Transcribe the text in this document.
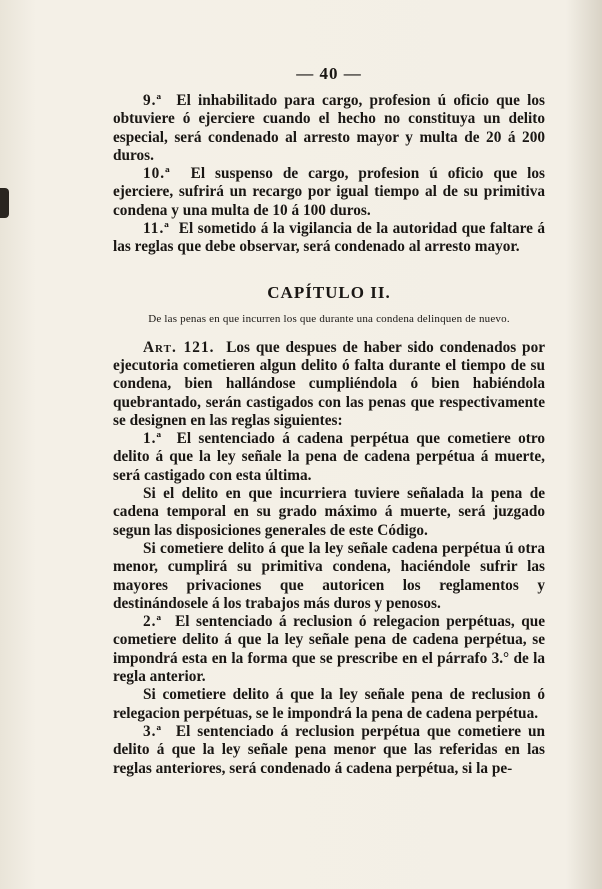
— 40 —

9.ª El inhabilitado para cargo, profesion ú oficio que los obtuviere ó ejerciere cuando el hecho no constituya un delito especial, será condenado al arresto mayor y multa de 20 á 200 duros.

10.ª El suspenso de cargo, profesion ú oficio que los ejerciere, sufrirá un recargo por igual tiempo al de su primitiva condena y una multa de 10 á 100 duros.

11.ª El sometido á la vigilancia de la autoridad que faltare á las reglas que debe observar, será condenado al arresto mayor.

CAPÍTULO II.
De las penas en que incurren los que durante una condena delinquen de nuevo.

Art. 121. Los que despues de haber sido condenados por ejecutoria cometieren algun delito ó falta durante el tiempo de su condena, bien hallándose cumpliéndola ó bien habiéndola quebrantado, serán castigados con las penas que respectivamente se designen en las reglas siguientes:

1.ª El sentenciado á cadena perpétua que cometiere otro delito á que la ley señale la pena de cadena perpétua á muerte, será castigado con esta última.

Si el delito en que incurriera tuviere señalada la pena de cadena temporal en su grado máximo á muerte, será juzgado segun las disposiciones generales de este Código.

Si cometiere delito á que la ley señale cadena perpétua ú otra menor, cumplirá su primitiva condena, haciéndole sufrir las mayores privaciones que autoricen los reglamentos y destinándosele á los trabajos más duros y penosos.

2.ª El sentenciado á reclusion ó relegacion perpétuas, que cometiere delito á que la ley señale pena de cadena perpétua, se impondrá esta en la forma que se prescribe en el párrafo 3.° de la regla anterior.

Si cometiere delito á que la ley señale pena de reclusion ó relegacion perpétuas, se le impondrá la pena de cadena perpétua.

3.ª El sentenciado á reclusion perpétua que cometiere un delito á que la ley señale pena menor que las referidas en las reglas anteriores, será condenado á cadena perpétua, si la pe-
